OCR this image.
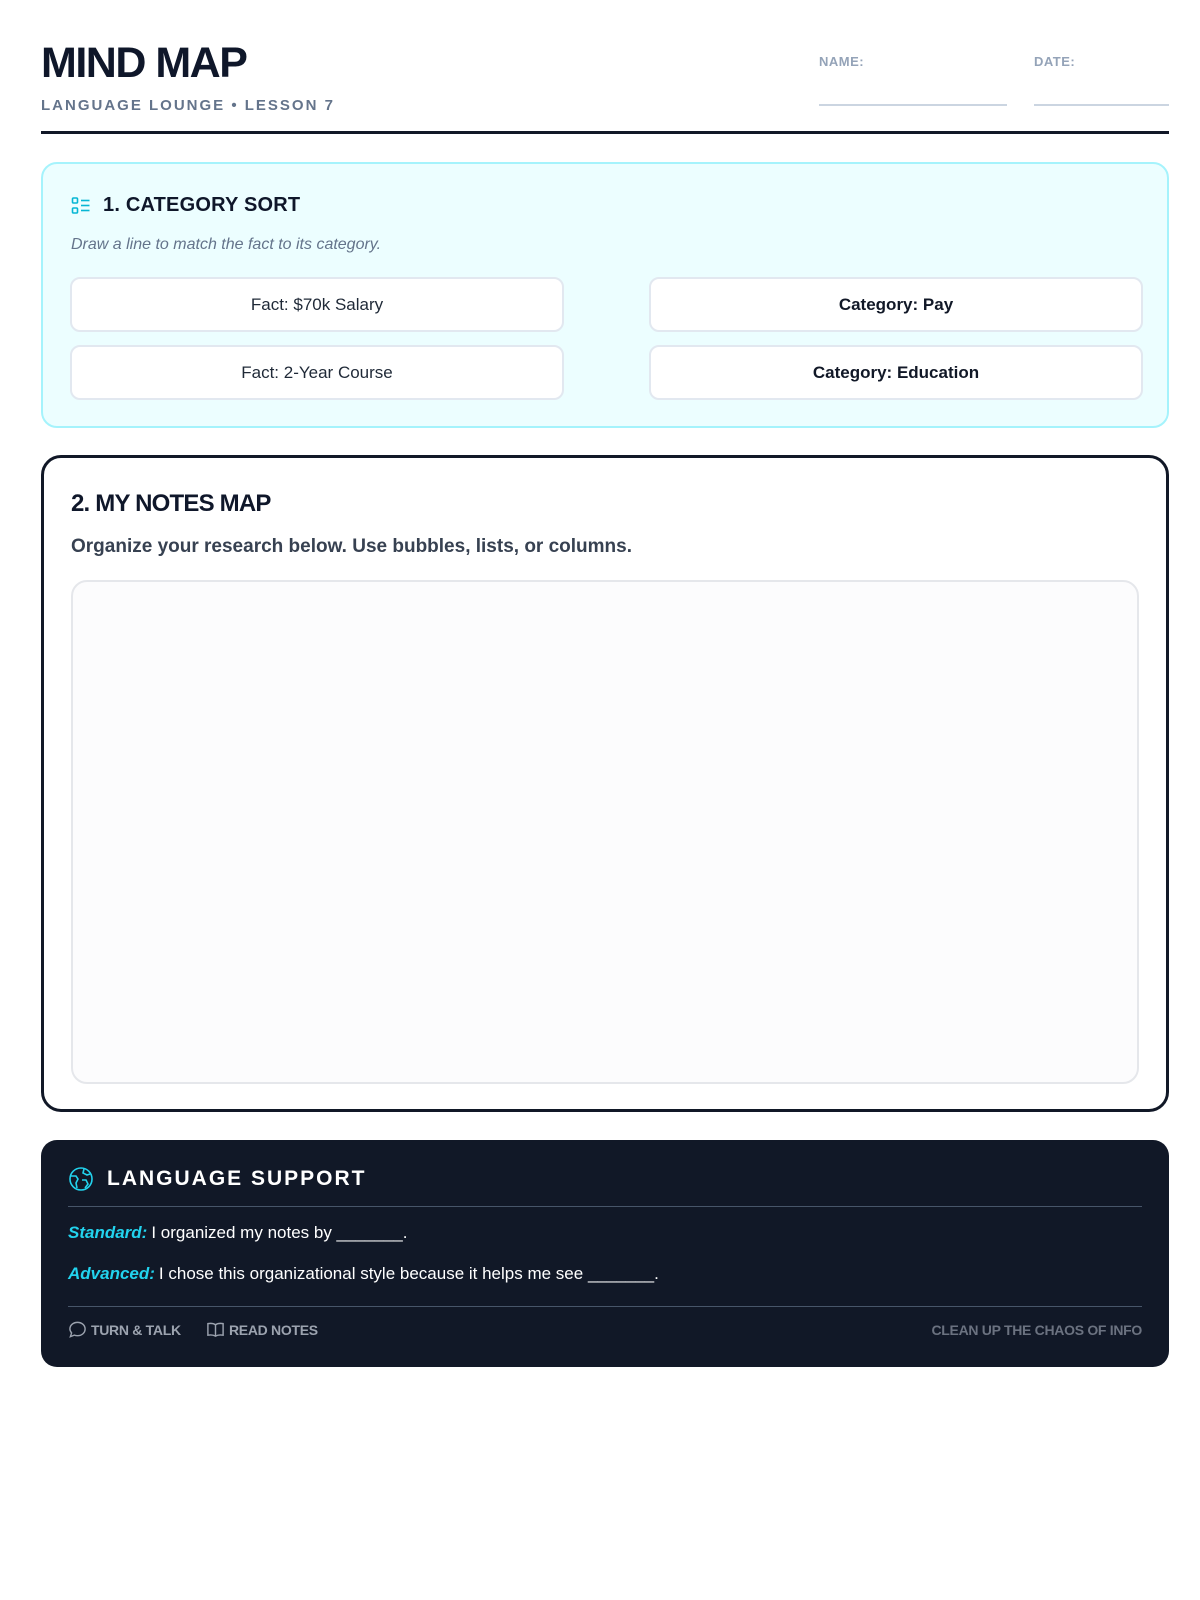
MIND MAP
LANGUAGE LOUNGE • LESSON 7
NAME:	DATE:
1. CATEGORY SORT
Draw a line to match the fact to its category.
Fact: $70k Salary
Fact: 2-Year Course
Category: Pay
Category: Education
2. MY NOTES MAP
Organize your research below. Use bubbles, lists, or columns.
LANGUAGE SUPPORT
Standard: I organized my notes by _______.
Advanced: I chose this organizational style because it helps me see _______.
TURN & TALK	READ NOTES	CLEAN UP THE CHAOS OF INFO
